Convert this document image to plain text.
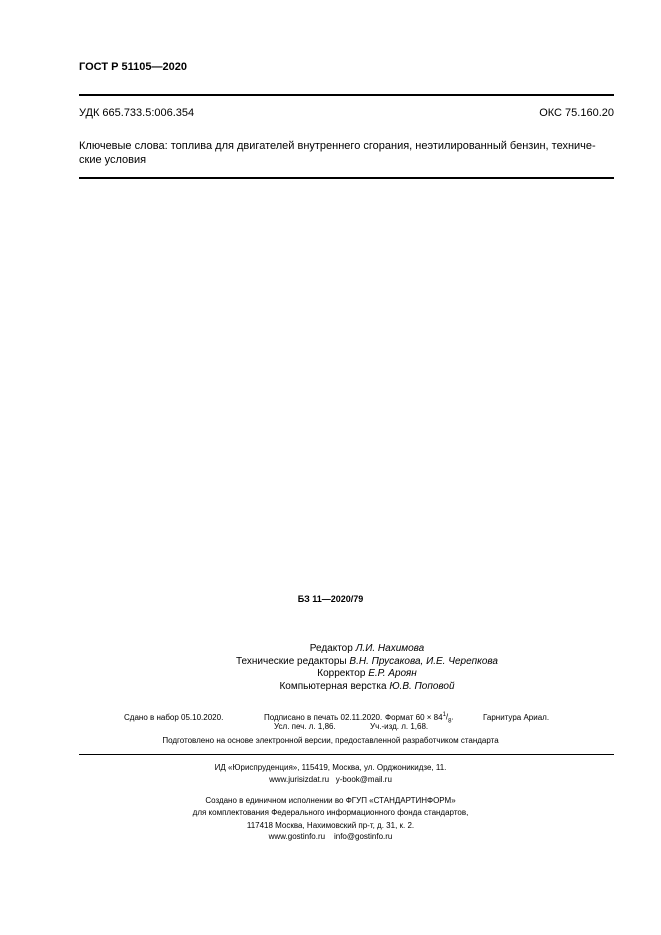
ГОСТ Р 51105—2020
УДК 665.733.5:006.354	ОКС 75.160.20
Ключевые слова: топлива для двигателей внутреннего сгорания, неэтилированный бензин, техниче-
ские условия
БЗ 11—2020/79
Редактор Л.И. Нахимова
Технические редакторы В.Н. Прусакова, И.Е. Черепкова
Корректор Е.Р. Ароян
Компьютерная верстка Ю.В. Поповой
Сдано в набор 05.10.2020.	Подписано в печать 02.11.2020. Формат $60 \times 84^1/_8$.	Гарнитура Ариал.
Усл. печ. л. 1,86.	Уч.-изд. л. 1,68.
Подготовлено на основе электронной версии, предоставленной разработчиком стандарта
ИД «Юриспруденция», 115419, Москва, ул. Орджоникидзе, 11.
www.jurisizdat.ru y-book@mail.ru
Создано в единичном исполнении во ФГУП «СТАНДАРТИНФОРМ»
для комплектования Федерального информационного фонда стандартов,
117418 Москва, Нахимовский пр-т, д. 31, к. 2.
www.gostinfo.ru info@gostinfo.ru
